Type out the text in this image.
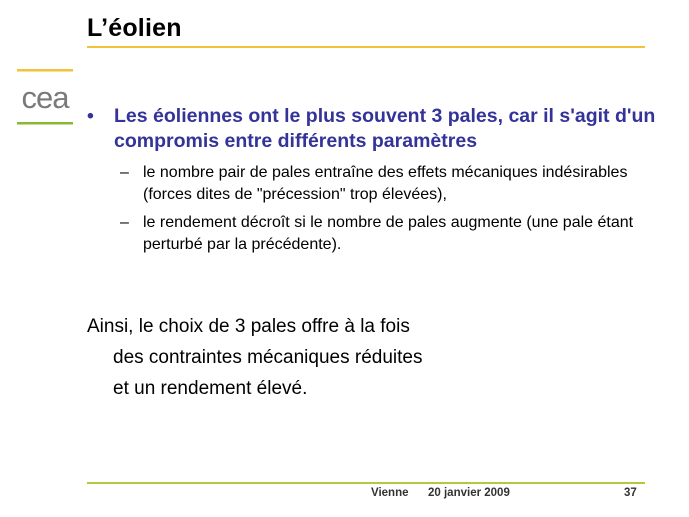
L’éolien
cea
•	Les éoliennes ont le plus souvent 3 pales, car il s'agit d'un compromis entre différents paramètres
– le nombre pair de pales entraîne des effets mécaniques indésirables (forces dites de "précession" trop élevées),
– le rendement décroît si le nombre de pales augmente (une pale étant perturbé par la précédente).
Ainsi, le choix de 3 pales offre à la fois
des contraintes mécaniques réduites
et un rendement élevé.
Vienne 20 janvier 2009	37
